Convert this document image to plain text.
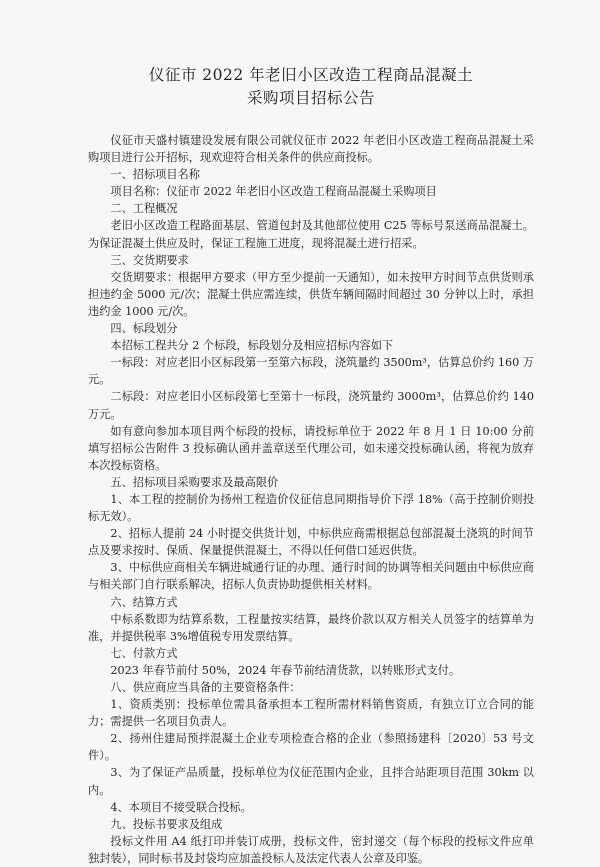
仪征市 2022 年老旧小区改造工程商品混凝土

采购项目招标公告

仪征市天盛村镇建设发展有限公司就仪征市 2022 年老旧小区改造工程商品混凝土采购项目进行公开招标，现欢迎符合相关条件的供应商投标。

一、招标项目名称

项目名称：仪征市 2022 年老旧小区改造工程商品混凝土采购项目

二、工程概况

老旧小区改造工程路面基层、管道包封及其他部位使用 C25 等标号泵送商品混凝土。为保证混凝土供应及时，保证工程施工进度，现将混凝土进行招采。

三、交货期要求

交货期要求：根据甲方要求（甲方至少提前一天通知），如未按甲方时间节点供货则承担违约金 5000 元/次；混凝土供应需连续，供货车辆间隔时间超过 30 分钟以上时，承担违约金 1000 元/次。

四、标段划分

本招标工程共分 2 个标段，标段划分及相应招标内容如下

一标段：对应老旧小区标段第一至第六标段，浇筑量约 3500m³，估算总价约 160 万元。

二标段：对应老旧小区标段第七至第十一标段，浇筑量约 3000m³，估算总价约 140 万元。

如有意向参加本项目两个标段的投标，请投标单位于 2022 年 8 月 1 日 10:00 分前填写招标公告附件 3 投标确认函并盖章送至代理公司，如未递交投标确认函，将视为放弃本次投标资格。

五、招标项目采购要求及最高限价

1、本工程的控制价为扬州工程造价仪征信息同期指导价下浮 18%（高于控制价则投标无效）。

2、招标人提前 24 小时提交供货计划，中标供应商需根据总包部混凝土浇筑的时间节点及要求按时、保质、保量提供混凝土，不得以任何借口延迟供货。

3、中标供应商相关车辆进城通行证的办理、通行时间的协调等相关问题由中标供应商与相关部门自行联系解决，招标人负责协助提供相关材料。

六、结算方式

中标系数即为结算系数，工程量按实结算，最终价款以双方相关人员签字的结算单为准，并提供税率 3%增值税专用发票结算。

七、付款方式

2023 年春节前付 50%，2024 年春节前结清货款，以转账形式支付。

八、供应商应当具备的主要资格条件：

1、资质类别：投标单位需具备承担本工程所需材料销售资质，有独立订立合同的能力；需提供一名项目负责人。

2、扬州住建局预拌混凝土企业专项检查合格的企业（参照扬建科〔2020〕53 号文件）。

3、为了保证产品质量，投标单位为仪征范围内企业，且拌合站距项目范围 30km 以内。

4、本项目不接受联合投标。

九、投标书要求及组成

投标文件用 A4 纸打印并装订成册，投标文件，密封递交（每个标段的投标文件应单独封装），同时标书及封袋均应加盖投标人及法定代表人公章及印鉴。
